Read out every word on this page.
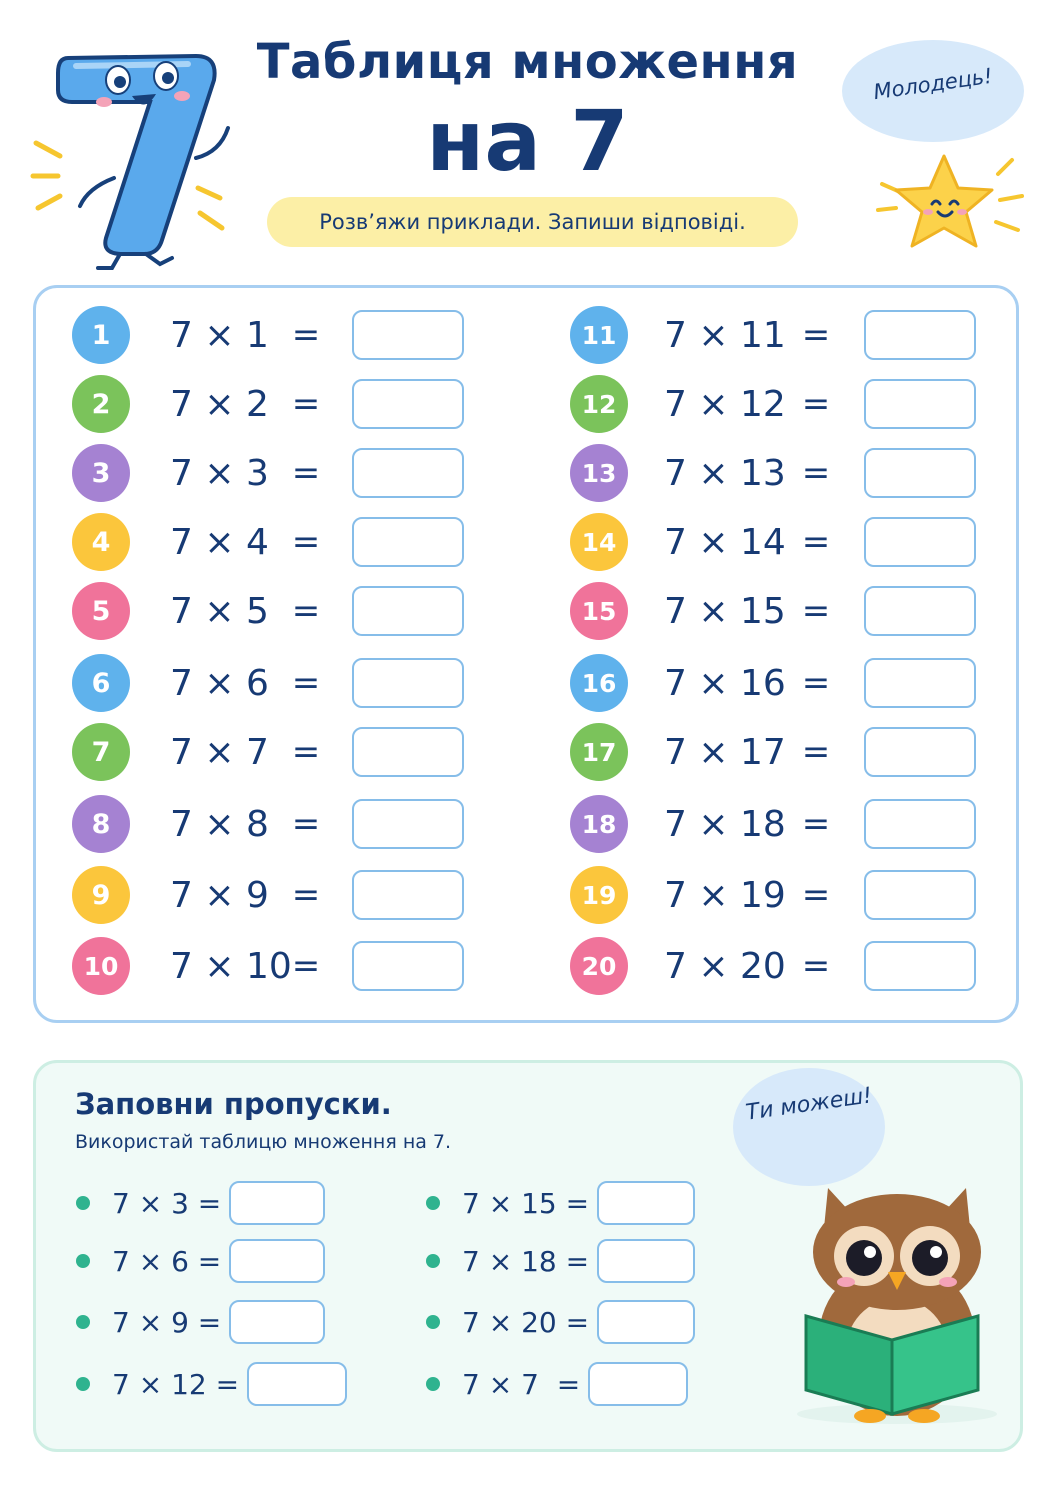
Таблиця множення
на 7
Розв’яжи приклади. Запиши відповіді.
Молодець!
1	7 × 1 =
2	7 × 2 =
3	7 × 3 =
4	7 × 4 =
5	7 × 5 =
6	7 × 6 =
7	7 × 7 =
8	7 × 8 =
9	7 × 9 =
10	7 × 10 =
11	7 × 11 =
12	7 × 12 =
13	7 × 13 =
14	7 × 14 =
15	7 × 15 =
16	7 × 16 =
17	7 × 17 =
18	7 × 18 =
19	7 × 19 =
20	7 × 20 =
Заповни пропуски.
Використай таблицю множення на 7.
7 × 3 =
7 × 6 =
7 × 9 =
7 × 12 =
7 × 15 =
7 × 18 =
7 × 20 =
7 × 7  =
Ти можеш!
